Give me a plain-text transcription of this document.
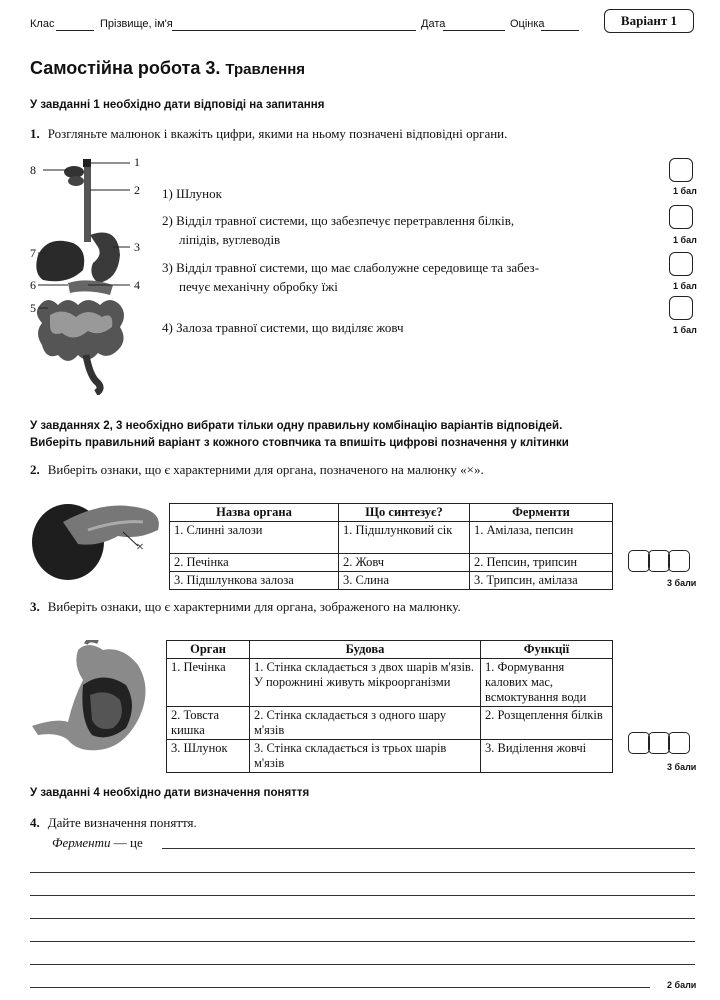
Клас	Прізвище, ім'я	Дата	Оцінка	Варіант 1
Самостійна робота 3. Травлення
У завданні 1 необхідно дати відповіді на запитання
1. Розгляньте малюнок і вкажіть цифри, якими на ньому позначені відповідні органи.
1
2
3
4
5
6
7
8
1) Шлунок
2) Відділ травної системи, що забезпечує перетравлення білків,
ліпідів, вуглеводів
3) Відділ травної системи, що має слаболужне середовище та забез-
печує механічну обробку їжі
4) Залоза травної системи, що виділяє жовч
1 бал
1 бал
1 бал
1 бал
У завданнях 2, 3 необхідно вибрати тільки одну правильну комбінацію варіантів відповідей.
Виберіть правильний варіант з кожного стовпчика та впишіть цифрові позначення у клітинки
2. Виберіть ознаки, що є характерними для органа, позначеного на малюнку «×».
×
Назва органа	Що синтезує?	Ферменти
1. Слинні залози	1. Підшлунковий сік	1. Амілаза, пепсин
2. Печінка	2. Жовч	2. Пепсин, трипсин
3. Підшлункова залоза	3. Слина	3. Трипсин, амілаза	3 бали
3. Виберіть ознаки, що є характерними для органа, зображеного на малюнку.
Орган	Будова	Функції
1. Печінка	1. Стінка складається з двох шарів м'язів. У порожнині живуть мікроорганізми	1. Формування калових мас, всмоктування води
2. Товста кишка	2. Стінка складається з одного шару м'язів	2. Розщеплення білків
3. Шлунок	3. Стінка складається із трьох шарів м'язів	3. Виділення жовчі
3 бали
У завданні 4 необхідно дати визначення поняття
4. Дайте визначення поняття.
Ферменти — це
2 бали
